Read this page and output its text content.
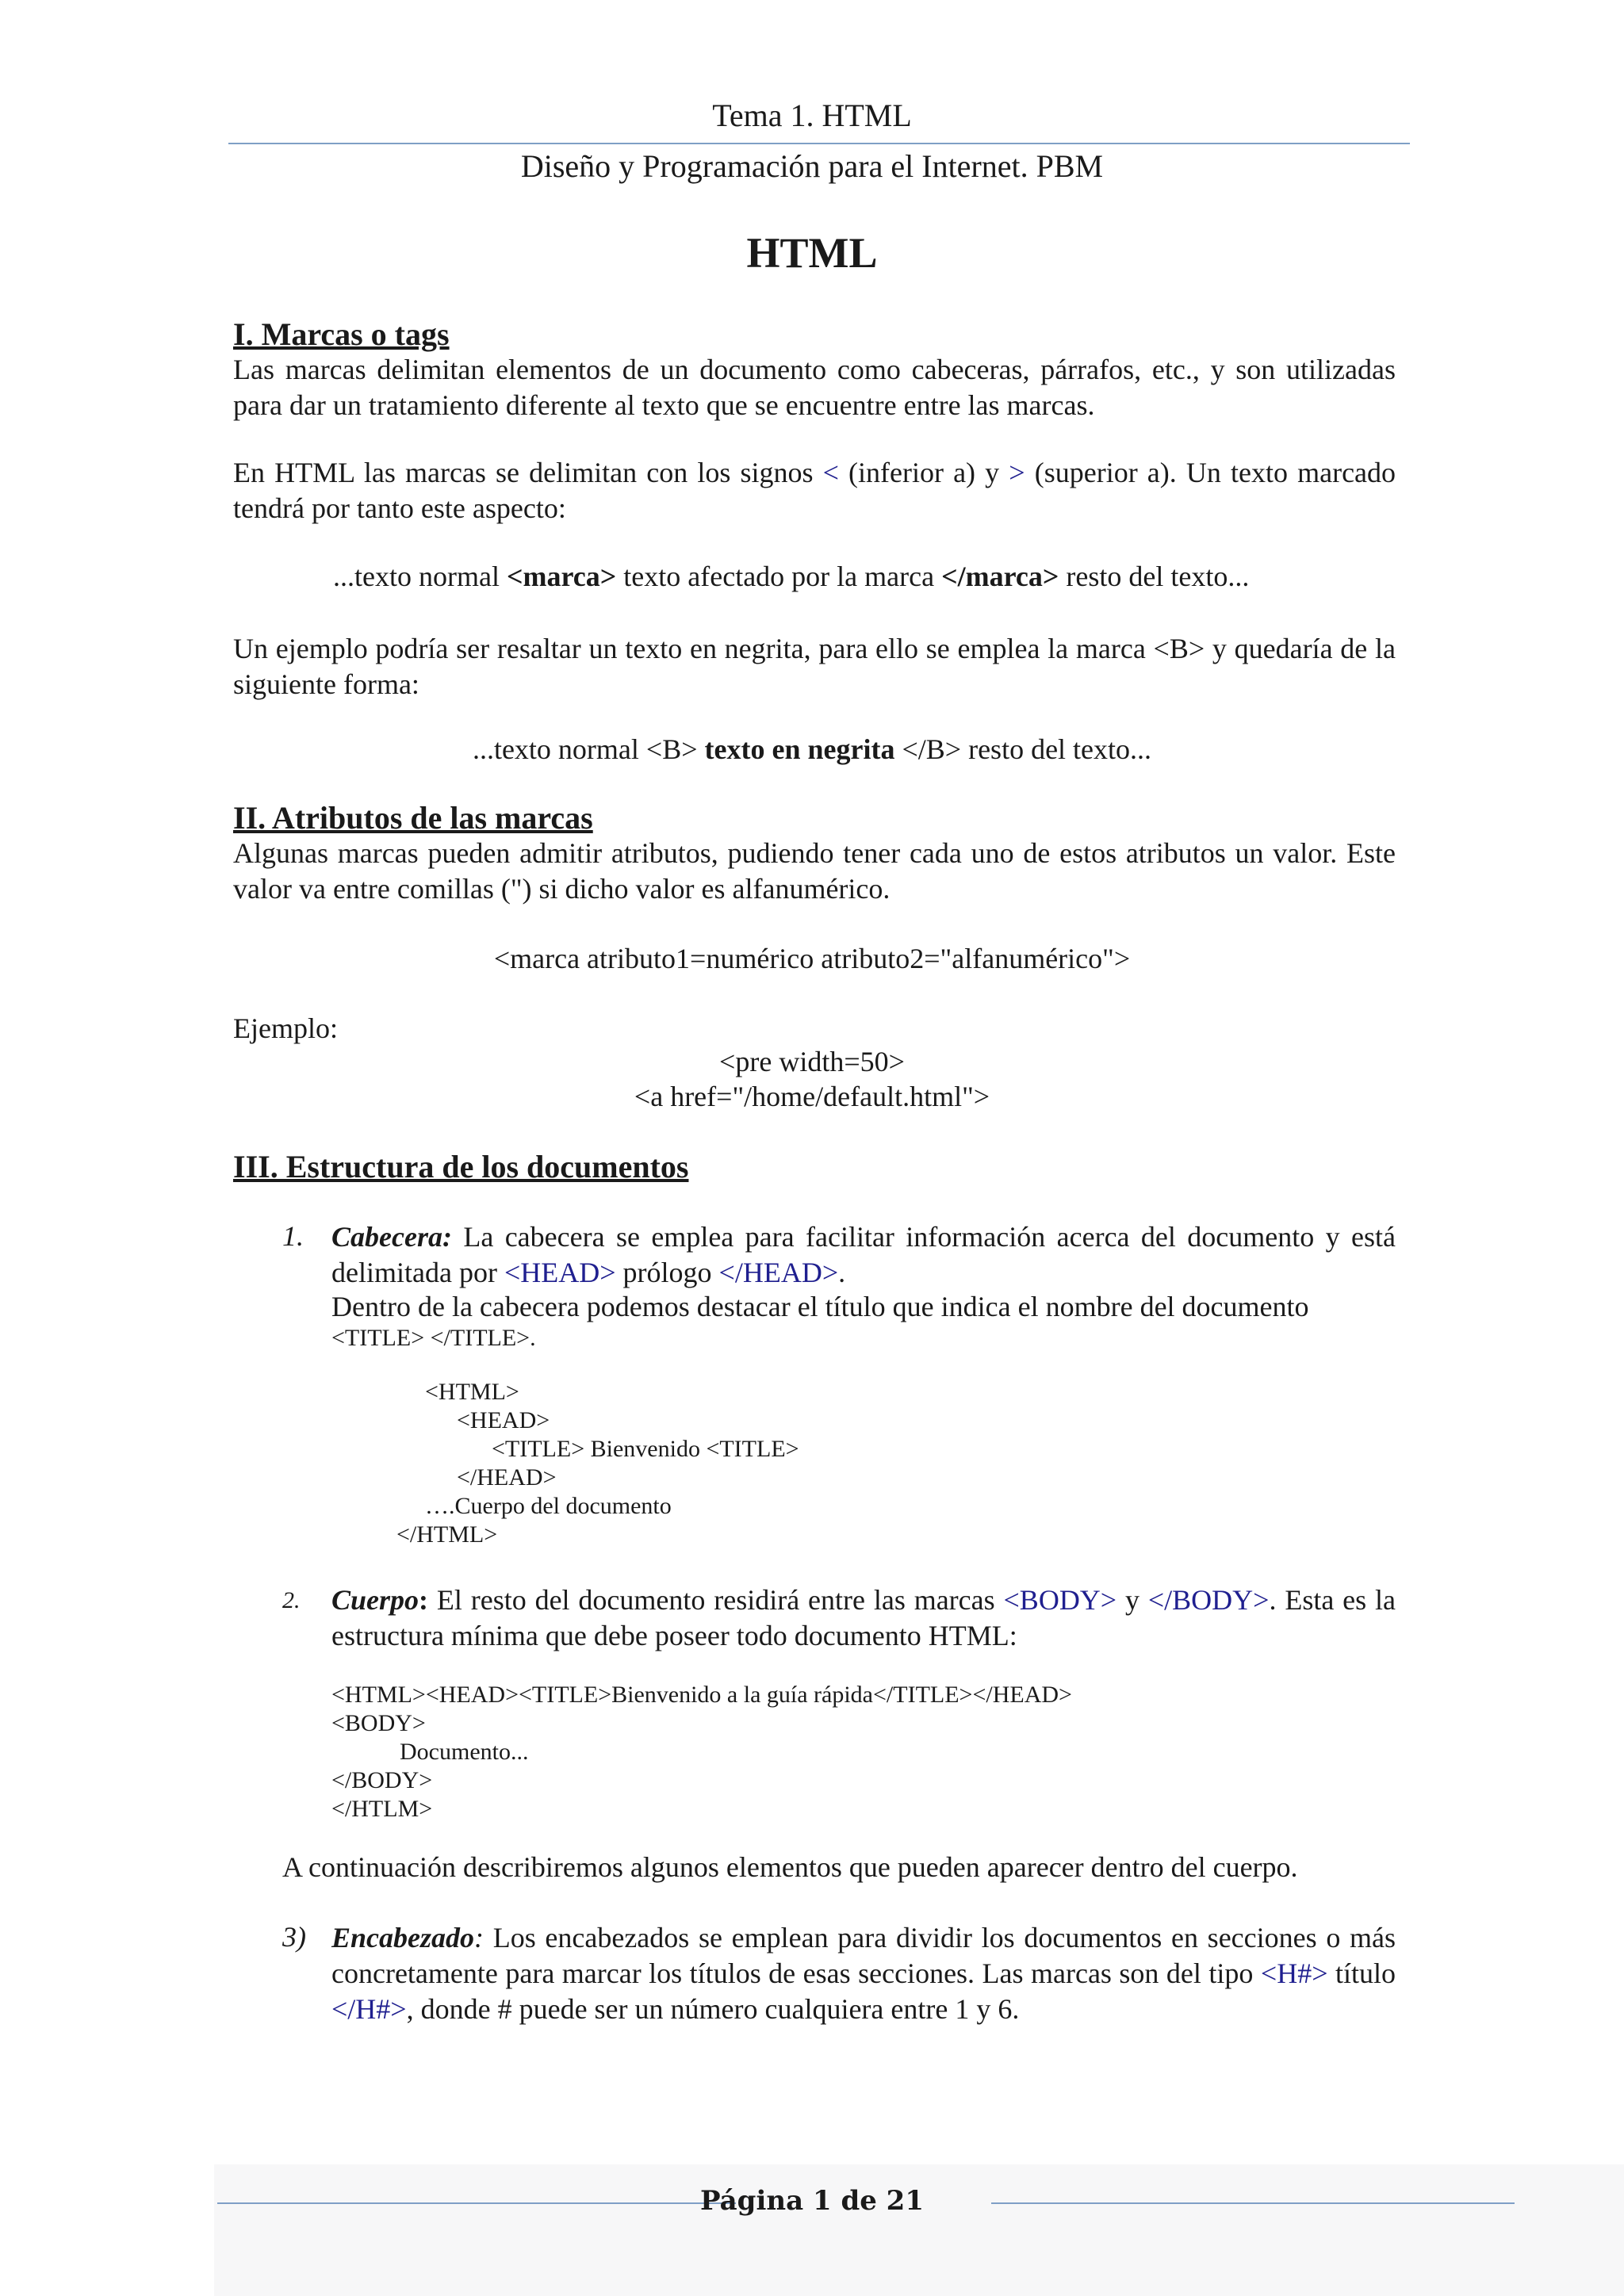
Tema 1. HTML
Diseño y Programación para el Internet. PBM
HTML
I. Marcas o tags
Las marcas delimitan elementos de un documento como cabeceras, párrafos, etc., y son utilizadas para dar un tratamiento diferente al texto que se encuentre entre las marcas.
En HTML las marcas se delimitan con los signos < (inferior a) y > (superior a). Un texto marcado tendrá por tanto este aspecto:
...texto normal <marca> texto afectado por la marca </marca> resto del texto...
Un ejemplo podría ser resaltar un texto en negrita, para ello se emplea la marca <B> y quedaría de la siguiente forma:
...texto normal <B> texto en negrita </B> resto del texto...
II. Atributos de las marcas
Algunas marcas pueden admitir atributos, pudiendo tener cada uno de estos atributos un valor. Este valor va entre comillas (") si dicho valor es alfanumérico.
<marca atributo1=numérico atributo2="alfanumérico">
Ejemplo:
<pre width=50>
<a href="/home/default.html">
III. Estructura de los documentos
1. Cabecera: La cabecera se emplea para facilitar información acerca del documento y está delimitada por <HEAD> prólogo </HEAD>.
Dentro de la cabecera podemos destacar el título que indica el nombre del documento
<TITLE> </TITLE>.
<HTML>
<HEAD>
<TITLE> Bienvenido <TITLE>
</HEAD>
….Cuerpo del documento
</HTML>
2. Cuerpo: El resto del documento residirá entre las marcas <BODY> y </BODY>. Esta es la estructura mínima que debe poseer todo documento HTML:
<HTML><HEAD><TITLE>Bienvenido a la guía rápida</TITLE></HEAD>
<BODY>
Documento...
</BODY>
</HTLM>
A continuación describiremos algunos elementos que pueden aparecer dentro del cuerpo.
3) Encabezado: Los encabezados se emplean para dividir los documentos en secciones o más concretamente para marcar los títulos de esas secciones. Las marcas son del tipo <H#> título </H#>, donde # puede ser un número cualquiera entre 1 y 6.
Página 1 de 21
